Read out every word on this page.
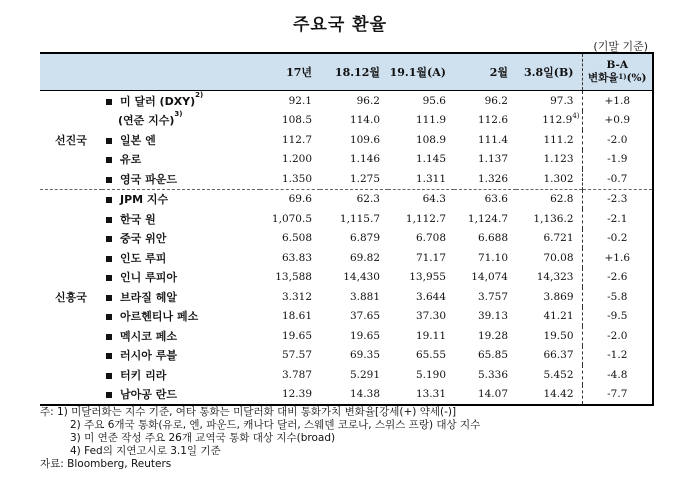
주요국 환율
(기말 기준)
		17년	18.12월	19.1월(A)	2월	3.8일(B)	B-A
변화율$^{1)}$(%)

선진국	미 달러 (DXY)$^{2)}$	92.1	96.2	95.6	96.2	97.3	+1.8
	(연준 지수)$^{3)}$	108.5	114.0	111.9	112.6	$112.9^{4)}$	+0.9
	일본 엔	112.7	109.6	108.9	111.4	111.2	-2.0
	유로	1.200	1.146	1.145	1.137	1.123	-1.9
	영국 파운드	1.350	1.275	1.311	1.326	1.302	-0.7
신흥국	JPM 지수	69.6	62.3	64.3	63.6	62.8	-2.3
	한국 원	1,070.5	1,115.7	1,112.7	1,124.7	1,136.2	-2.1
	중국 위안	6.508	6.879	6.708	6.688	6.721	-0.2
	인도 루피	63.83	69.82	71.17	71.10	70.08	+1.6
	인니 루피아	13,588	14,430	13,955	14,074	14,323	-2.6
	브라질 헤알	3.312	3.881	3.644	3.757	3.869	-5.8
	아르헨티나 페소	18.61	37.65	37.30	39.13	41.21	-9.5
	멕시코 페소	19.65	19.65	19.11	19.28	19.50	-2.0
	러시아 루블	57.57	69.35	65.55	65.85	66.37	-1.2
	터키 리라	3.787	5.291	5.190	5.336	5.452	-4.8
	남아공 란드	12.39	14.38	13.31	14.07	14.42	-7.7
주: 1) 미달러화는 지수 기준, 여타 통화는 미달러화 대비 통화가치 변화율[강세(+) 약세(-)]
2) 주요 6개국 통화(유로, 엔, 파운드, 캐나다 달러, 스웨덴 코로나, 스위스 프랑) 대상 지수
3) 미 연준 작성 주요 26개 교역국 통화 대상 지수(broad)
4) Fed의 지연고시로 3.1일 기준
자료: Bloomberg, Reuters
